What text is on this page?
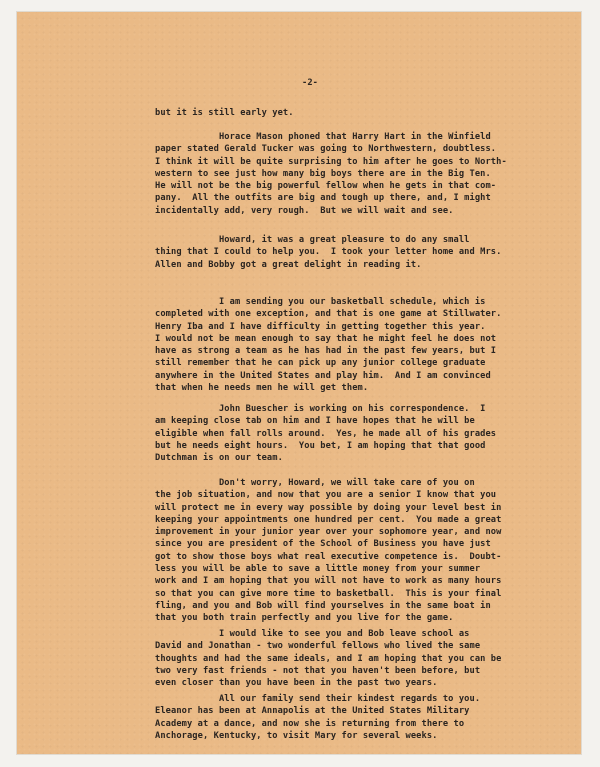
-2-
but it is still early yet.
Horace Mason phoned that Harry Hart in the Winfield
paper stated Gerald Tucker was going to Northwestern, doubtless.
I think it will be quite surprising to him after he goes to North-
western to see just how many big boys there are in the Big Ten.
He will not be the big powerful fellow when he gets in that com-
pany.  All the outfits are big and tough up there, and, I might
incidentally add, very rough.  But we will wait and see.
Howard, it was a great pleasure to do any small
thing that I could to help you.  I took your letter home and Mrs.
Allen and Bobby got a great delight in reading it.
I am sending you our basketball schedule, which is
completed with one exception, and that is one game at Stillwater.
Henry Iba and I have difficulty in getting together this year.
I would not be mean enough to say that he might feel he does not
have as strong a team as he has had in the past few years, but I
still remember that he can pick up any junior college graduate
anywhere in the United States and play him.  And I am convinced
that when he needs men he will get them.
John Buescher is working on his correspondence.  I
am keeping close tab on him and I have hopes that he will be
eligible when fall rolls around.  Yes, he made all of his grades
but he needs eight hours.  You bet, I am hoping that that good
Dutchman is on our team.
Don't worry, Howard, we will take care of you on
the job situation, and now that you are a senior I know that you
will protect me in every way possible by doing your level best in
keeping your appointments one hundred per cent.  You made a great
improvement in your junior year over your sophomore year, and now
since you are president of the School of Business you have just
got to show those boys what real executive competence is.  Doubt-
less you will be able to save a little money from your summer
work and I am hoping that you will not have to work as many hours
so that you can give more time to basketball.  This is your final
fling, and you and Bob will find yourselves in the same boat in
that you both train perfectly and you live for the game.
I would like to see you and Bob leave school as
David and Jonathan - two wonderful fellows who lived the same
thoughts and had the same ideals, and I am hoping that you can be
two very fast friends - not that you haven't been before, but
even closer than you have been in the past two years.
All our family send their kindest regards to you.
Eleanor has been at Annapolis at the United States Military
Academy at a dance, and now she is returning from there to
Anchorage, Kentucky, to visit Mary for several weeks.
